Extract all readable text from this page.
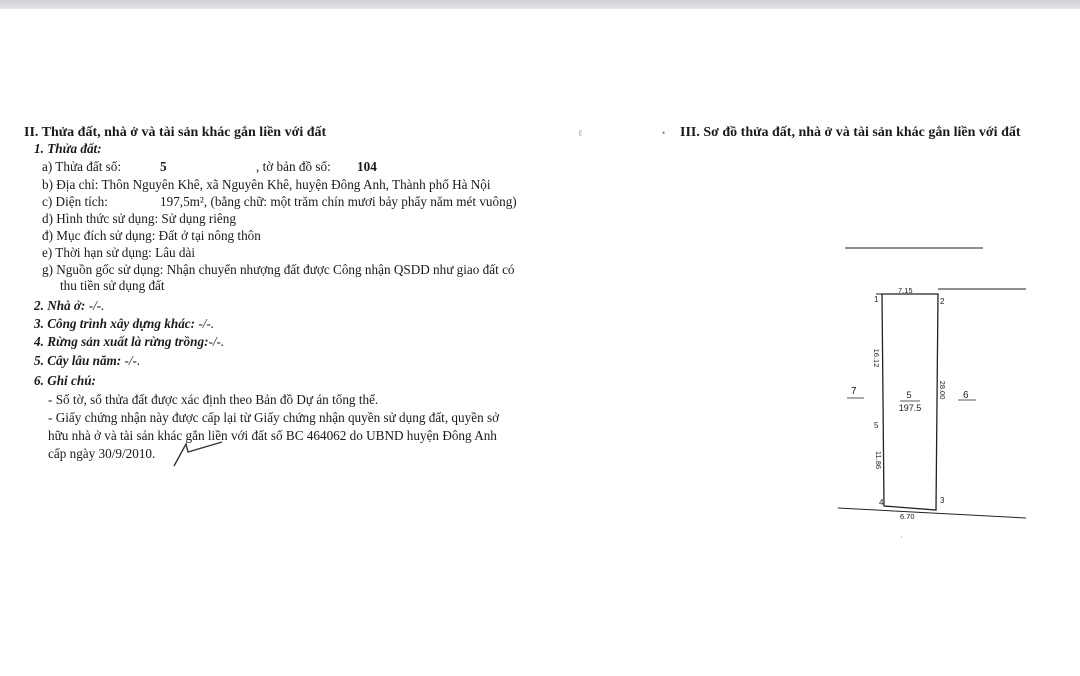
II. Thửa đất, nhà ở và tài sản khác gắn liền với đất
1. Thửa đất:
a) Thửa đất số:	5	, tờ bản đồ số: 104
b) Địa chỉ: Thôn Nguyên Khê, xã Nguyên Khê, huyện Đông Anh, Thành phố Hà Nội
c) Diện tích:	197,5m², (bằng chữ: một trăm chín mươi bảy phẩy năm mét vuông)
d) Hình thức sử dụng: Sử dụng riêng
đ) Mục đích sử dụng: Đất ở tại nông thôn
e) Thời hạn sử dụng: Lâu dài
g) Nguồn gốc sử dụng: Nhận chuyển nhượng đất được Công nhận QSDD như giao đất có
thu tiền sử dụng đất
2. Nhà ở: -/-.
3. Công trình xây dựng khác: -/-.
4. Rừng sản xuất là rừng trồng:-/-.
5. Cây lâu năm: -/-.
6. Ghi chú:
- Số tờ, số thửa đất được xác định theo Bản đồ Dự án tổng thể.
- Giấy chứng nhận này được cấp lại từ Giấy chứng nhận quyền sử dụng đất, quyền sở
hữu nhà ở và tài sản khác gắn liền với đất số BC 464062 do UBND huyện Đông Anh
cấp ngày 30/9/2010.
ℓ	• III. Sơ đồ thửa đất, nhà ở và tài sản khác gắn liền với đất
7.15
6.70
1	2
3
4
5
16.12
11.86
28.00
5
197.5
7	6
·
